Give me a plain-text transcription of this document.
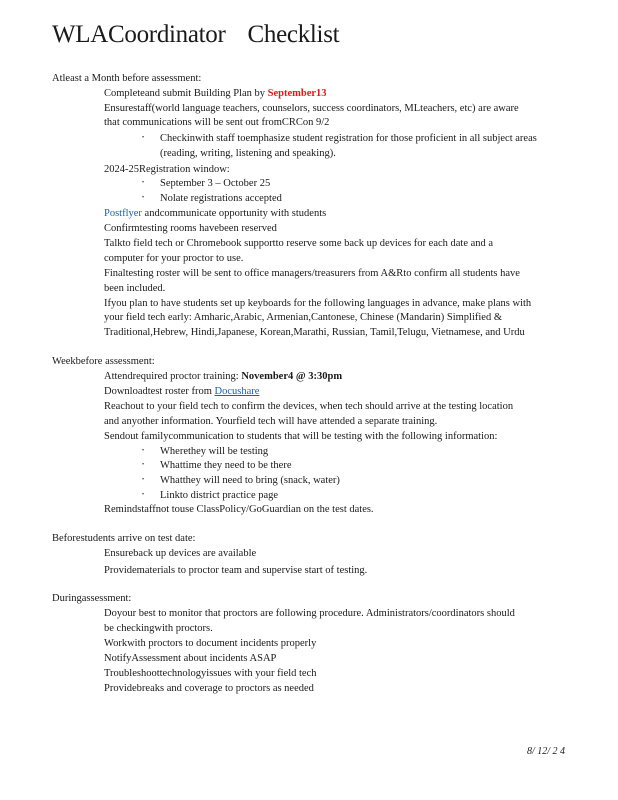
WLACoordinator Checklist
Atleast a Month before assessment:
Completeand submit Building Plan by September13
Ensurestaff(world language teachers, counselors, success coordinators, MLteachers, etc) are aware
that communications will be sent out fromCRCon 9/2
• Checkinwith staff toemphasize student registration for those proficient in all subject areas (reading, writing, listening and speaking).
2024-25Registration window:
• September 3 – October 25
• Nolate registrations accepted
Postflyer andcommunicate opportunity with students
Confirmtesting rooms havebeen reserved
Talkto field tech or Chromebook supportto reserve some back up devices for each date and a
computer for your proctor to use.
Finaltesting roster will be sent to office managers/treasurers from A&Rto confirm all students have
been included.
Ifyou plan to have students set up keyboards for the following languages in advance, make plans with
your field tech early: Amharic,Arabic, Armenian,Cantonese, Chinese (Mandarin) Simplified &
Traditional,Hebrew, Hindi,Japanese, Korean,Marathi, Russian, Tamil,Telugu, Vietnamese, and Urdu
Weekbefore assessment:
Attendrequired proctor training: November4 @ 3:30pm
Downloadtest roster from Docushare
Reachout to your field tech to confirm the devices, when tech should arrive at the testing location
and anyother information. Yourfield tech will have attended a separate training.
Sendout familycommunication to students that will be testing with the following information:
• Wherethey will be testing
• Whattime they need to be there
• Whatthey will need to bring (snack, water)
• Linkto district practice page
Remindstaffnot touse ClassPolicy/GoGuardian on the test dates.
Beforestudents arrive on test date:
Ensureback up devices are available
Providematerials to proctor team and supervise start of testing.
Duringassessment:
Doyour best to monitor that proctors are following procedure. Administrators/coordinators should
be checkingwith proctors.
Workwith proctors to document incidents properly
NotifyAssessment about incidents ASAP
Troubleshoottechnologyissues with your field tech
Providebreaks and coverage to proctors as needed
8/ 12/ 2 4
